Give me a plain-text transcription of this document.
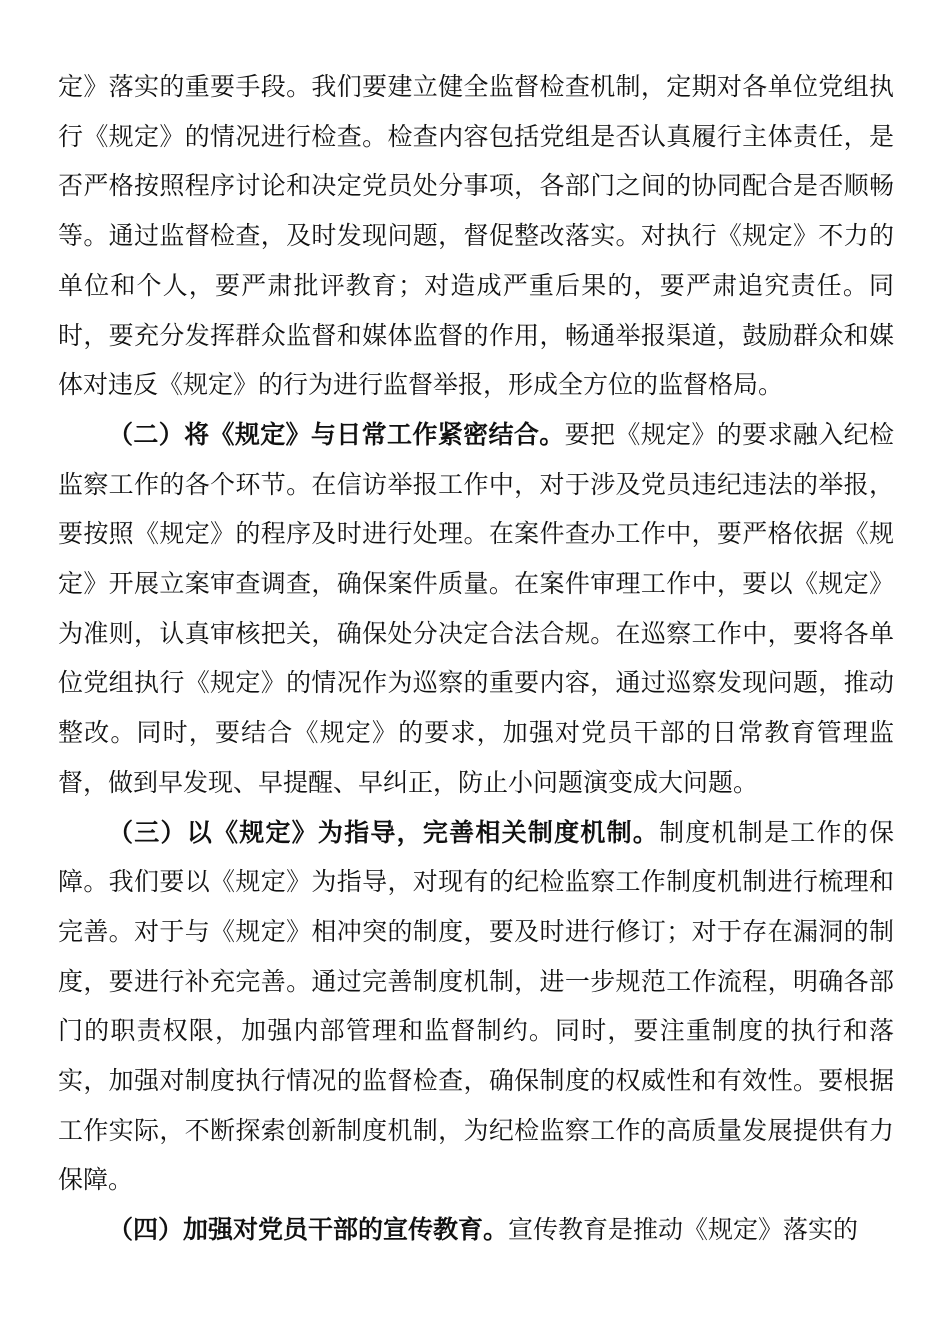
定》落实的重要手段。我们要建立健全监督检查机制，定期对各单位党组执行《规定》的情况进行检查。检查内容包括党组是否认真履行主体责任，是否严格按照程序讨论和决定党员处分事项，各部门之间的协同配合是否顺畅等。通过监督检查，及时发现问题，督促整改落实。对执行《规定》不力的单位和个人，要严肃批评教育；对造成严重后果的，要严肃追究责任。同时，要充分发挥群众监督和媒体监督的作用，畅通举报渠道，鼓励群众和媒体对违反《规定》的行为进行监督举报，形成全方位的监督格局。

（二）将《规定》与日常工作紧密结合。要把《规定》的要求融入纪检监察工作的各个环节。在信访举报工作中，对于涉及党员违纪违法的举报，要按照《规定》的程序及时进行处理。在案件查办工作中，要严格依据《规定》开展立案审查调查，确保案件质量。在案件审理工作中，要以《规定》为准则，认真审核把关，确保处分决定合法合规。在巡察工作中，要将各单位党组执行《规定》的情况作为巡察的重要内容，通过巡察发现问题，推动整改。同时，要结合《规定》的要求，加强对党员干部的日常教育管理监督，做到早发现、早提醒、早纠正，防止小问题演变成大问题。

（三）以《规定》为指导，完善相关制度机制。制度机制是工作的保障。我们要以《规定》为指导，对现有的纪检监察工作制度机制进行梳理和完善。对于与《规定》相冲突的制度，要及时进行修订；对于存在漏洞的制度，要进行补充完善。通过完善制度机制，进一步规范工作流程，明确各部门的职责权限，加强内部管理和监督制约。同时，要注重制度的执行和落实，加强对制度执行情况的监督检查，确保制度的权威性和有效性。要根据工作实际，不断探索创新制度机制，为纪检监察工作的高质量发展提供有力保障。

（四）加强对党员干部的宣传教育。宣传教育是推动《规定》落实的
